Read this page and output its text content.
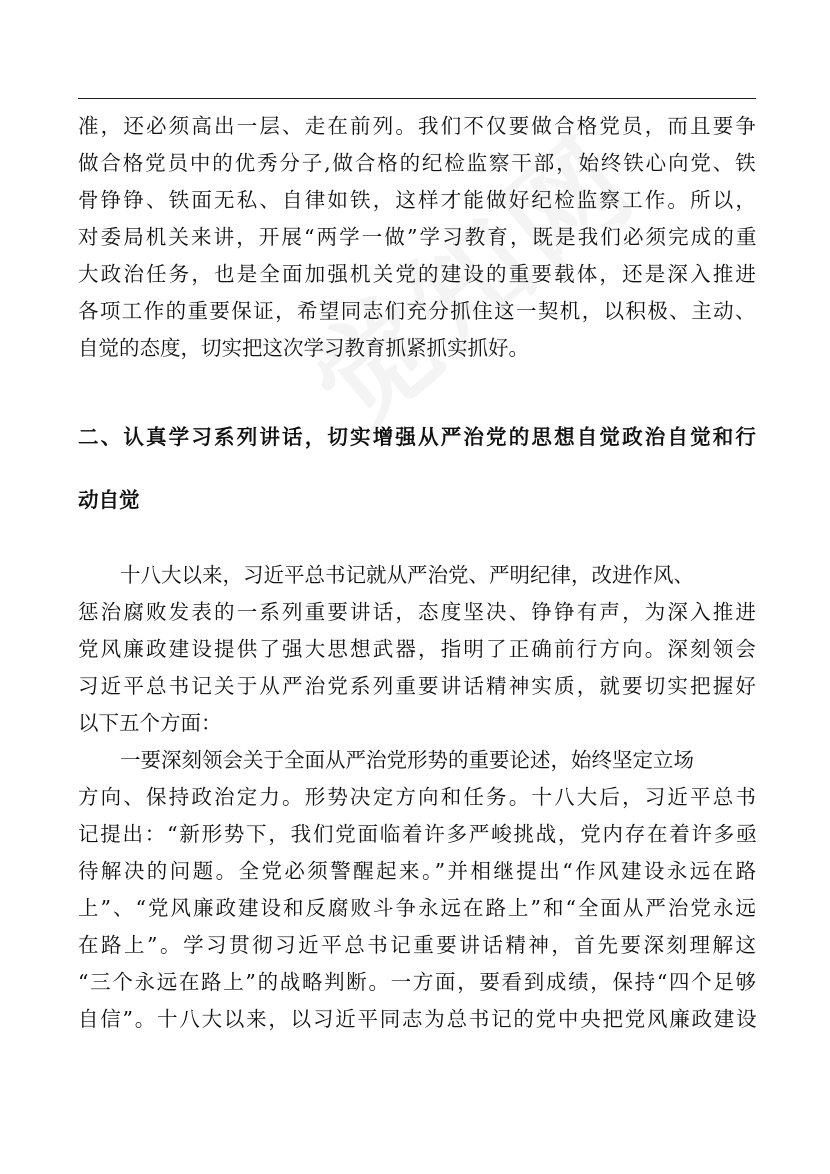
准，还必须高出一层、走在前列。我们不仅要做合格党员，而且要争
做合格党员中的优秀分子,做合格的纪检监察干部，始终铁心向党、铁
骨铮铮、铁面无私、自律如铁，这样才能做好纪检监察工作。所以，
对委局机关来讲，开展“两学一做”学习教育，既是我们必须完成的重
大政治任务，也是全面加强机关党的建设的重要载体，还是深入推进
各项工作的重要保证，希望同志们充分抓住这一契机，以积极、主动、
自觉的态度，切实把这次学习教育抓紧抓实抓好。
二、认真学习系列讲话，切实增强从严治党的思想自觉政治自觉和行
动自觉
十八大以来，习近平总书记就从严治党、严明纪律，改进作风、
惩治腐败发表的一系列重要讲话，态度坚决、铮铮有声，为深入推进
党风廉政建设提供了强大思想武器，指明了正确前行方向。深刻领会
习近平总书记关于从严治党系列重要讲话精神实质，就要切实把握好
以下五个方面：
一要深刻领会关于全面从严治党形势的重要论述，始终坚定立场
方向、保持政治定力。形势决定方向和任务。十八大后，习近平总书
记提出：“新形势下，我们党面临着许多严峻挑战，党内存在着许多亟
待解决的问题。全党必须警醒起来。”并相继提出“作风建设永远在路
上”、“党风廉政建设和反腐败斗争永远在路上”和“全面从严治党永远
在路上”。学习贯彻习近平总书记重要讲话精神，首先要深刻理解这
“三个永远在路上”的战略判断。一方面，要看到成绩，保持“四个足够
自信”。十八大以来，以习近平同志为总书记的党中央把党风廉政建设
